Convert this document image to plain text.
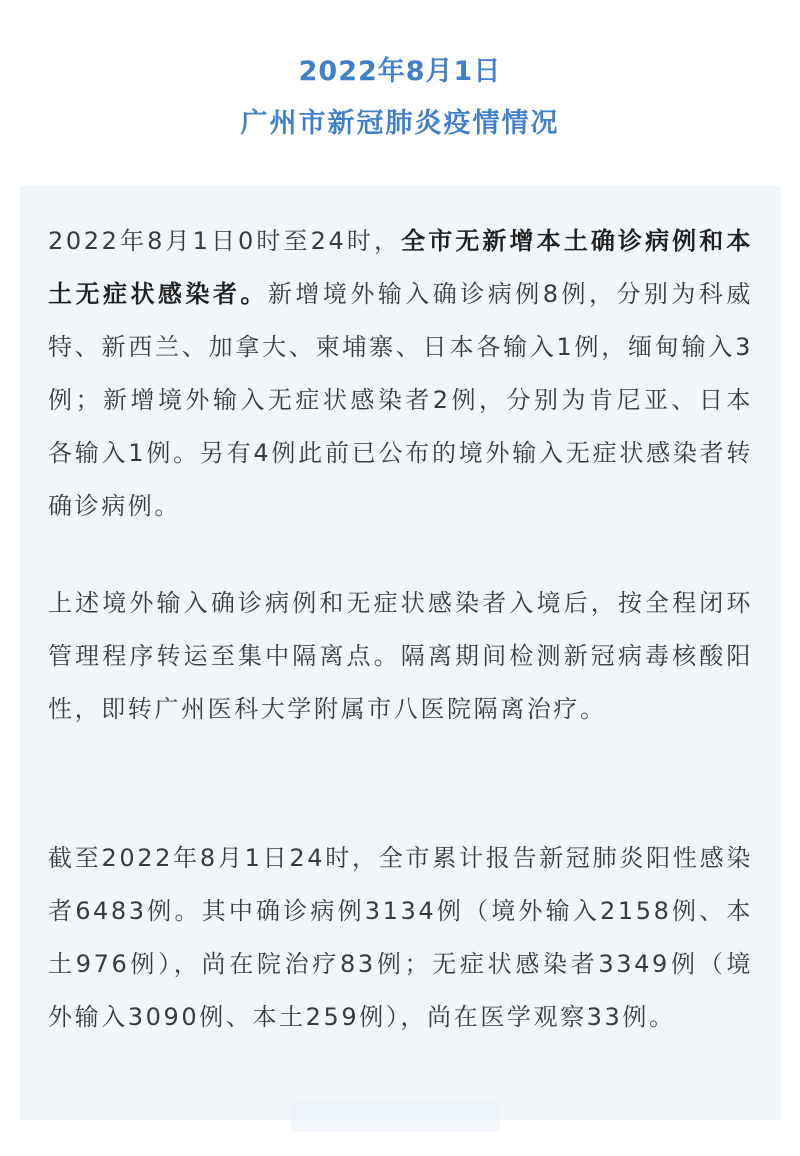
2022年8月1日
广州市新冠肺炎疫情情况
2022年8月1日0时至24时，全市无新增本土确诊病例和本土无症状感染者。新增境外输入确诊病例8例，分别为科威特、新西兰、加拿大、柬埔寨、日本各输入1例，缅甸输入3例；新增境外输入无症状感染者2例，分别为肯尼亚、日本各输入1例。另有4例此前已公布的境外输入无症状感染者转确诊病例。
上述境外输入确诊病例和无症状感染者入境后，按全程闭环管理程序转运至集中隔离点。隔离期间检测新冠病毒核酸阳性，即转广州医科大学附属市八医院隔离治疗。
截至2022年8月1日24时，全市累计报告新冠肺炎阳性感染者6483例。其中确诊病例3134例（境外输入2158例、本土976例），尚在院治疗83例；无症状感染者3349例（境外输入3090例、本土259例），尚在医学观察33例。
